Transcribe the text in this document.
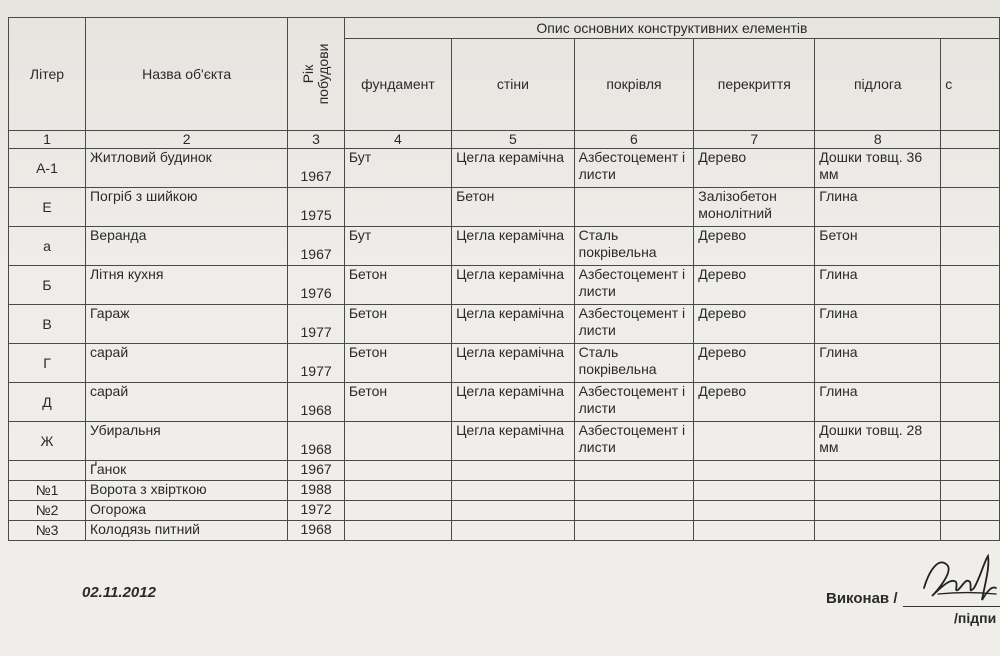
Літер	Назва об'єкта	Рік побудови	Опис основних конструктивних елементів					
			фундамент	стіни	покрівля	перекриття	підлога	с
1	2	3	4	5	6	7	8	
А-1	Житловий будинок	1967	Бут	Цегла керамічна	Азбестоцемент і листи	Дерево	Дошки товщ. 36 мм	
Е	Погріб з шийкою	1975		Бетон		Залізобетон монолітний	Глина	
а	Веранда	1967	Бут	Цегла керамічна	Сталь покрівельна	Дерево	Бетон	
Б	Літня кухня	1976	Бетон	Цегла керамічна	Азбестоцемент і листи	Дерево	Глина	
В	Гараж	1977	Бетон	Цегла керамічна	Азбестоцемент і листи	Дерево	Глина	
Г	сарай	1977	Бетон	Цегла керамічна	Сталь покрівельна	Дерево	Глина	
Д	сарай	1968	Бетон	Цегла керамічна	Азбестоцемент і листи	Дерево	Глина	
Ж	Убиральня	1968		Цегла керамічна	Азбестоцемент і листи		Дошки товщ. 28 мм	
	Ґанок	1967						
№1	Ворота з хвірткою	1988						
№2	Огорожа	1972						
№3	Колодязь питний	1968						
02.11.2012	Виконав /
/підпи
